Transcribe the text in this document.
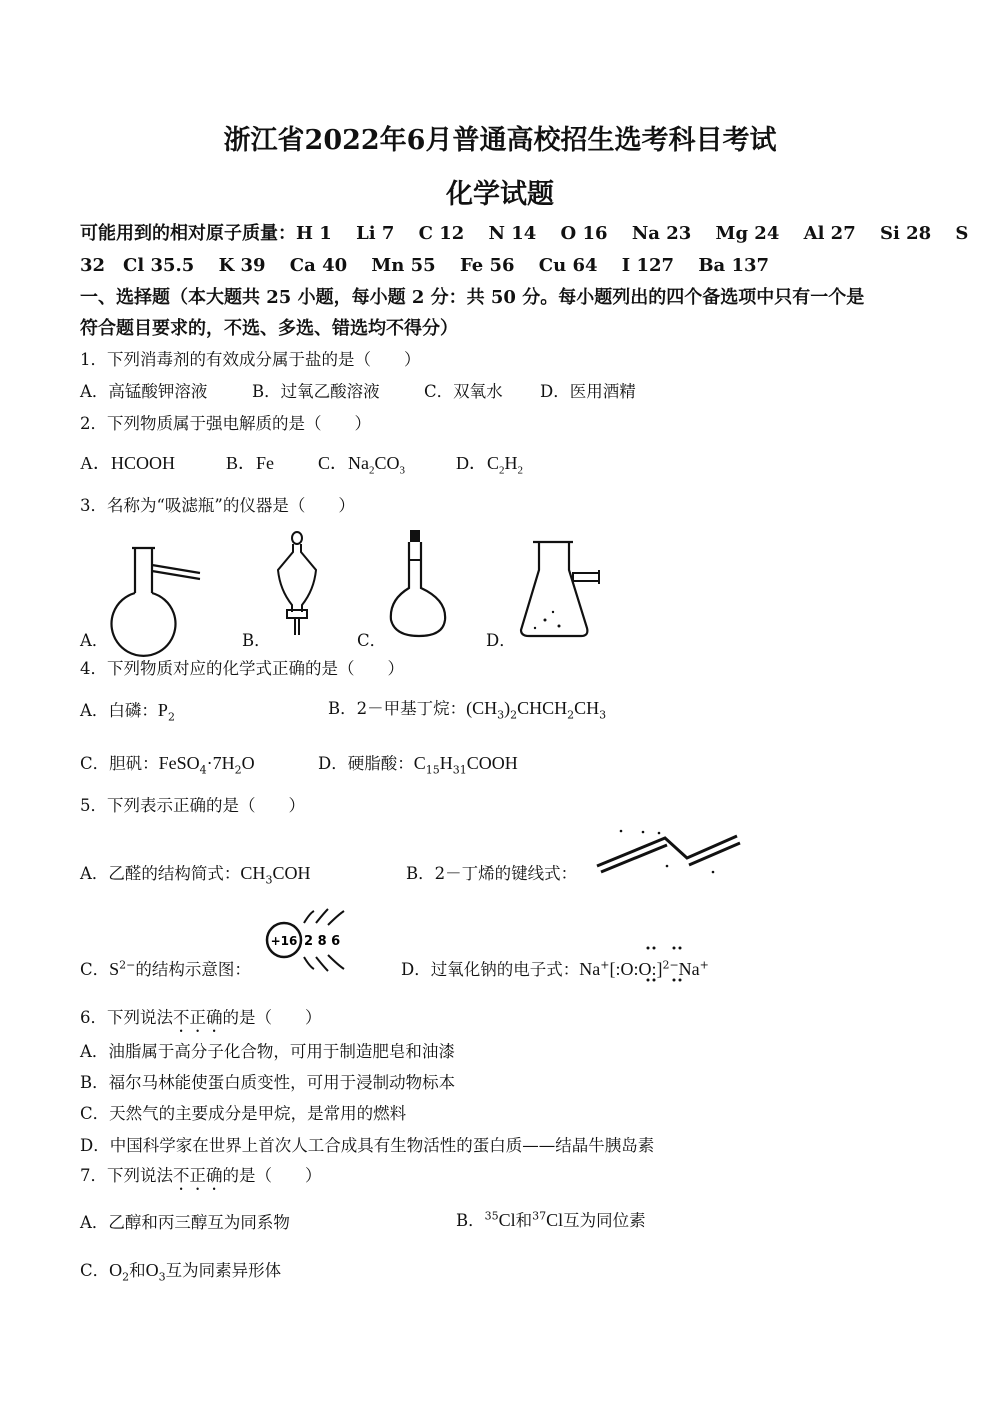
浙江省2022年6月普通高校招生选考科目考试
化学试题
可能用到的相对原子质量：H 1　 Li 7　 C 12　 N 14　 O 16　 Na 23　 Mg 24　 Al 27　 Si 28　 S
32　Cl 35.5　 K 39　 Ca 40　 Mn 55　 Fe 56　 Cu 64　 I 127　 Ba 137
一、选择题（本大题共 25 小题，每小题 2 分：共 50 分。每小题列出的四个备选项中只有一个是
符合题目要求的，不选、多选、错选均不得分）
1．下列消毒剂的有效成分属于盐的是（　　）
A．高锰酸钾溶液	B．过氧乙酸溶液	C．双氧水 D．医用酒精
2．下列物质属于强电解质的是（　　）
A．HCOOH	B．Fe C．$Na_2CO_3$	D．$C_2H_2$
3．名称为“吸滤瓶”的仪器是（　　）
A．	B．	C．	D．
4．下列物质对应的化学式正确的是（　　）
A．白磷：$P_2$	B．2－甲基丁烷：$(CH_3)_2CHCH_2CH_3$
C．胆矾：$FeSO_4\cdot 7H_2O$	D．硬脂酸：$C_{15}H_{31}COOH$
5．下列表示正确的是（　　）
A．乙醛的结构简式：$CH_3COH$	B．2－丁烯的键线式：
C．$S^{2-}$的结构示意图：
+16 2 8 6
D．过氧化钠的电子式：Na+[:O:O:]$^{2-}$Na+
6．下列说法不正确的是（　　）
A．油脂属于高分子化合物，可用于制造肥皂和油漆
B．福尔马林能使蛋白质变性，可用于浸制动物标本
C．天然气的主要成分是甲烷，是常用的燃料
D．中国科学家在世界上首次人工合成具有生物活性的蛋白质——结晶牛胰岛素
7．下列说法不正确的是（　　）
A．乙醇和丙三醇互为同系物	B．$^{35}$Cl和$^{37}$Cl互为同位素
C．$O_2$和$O_3$互为同素异形体
